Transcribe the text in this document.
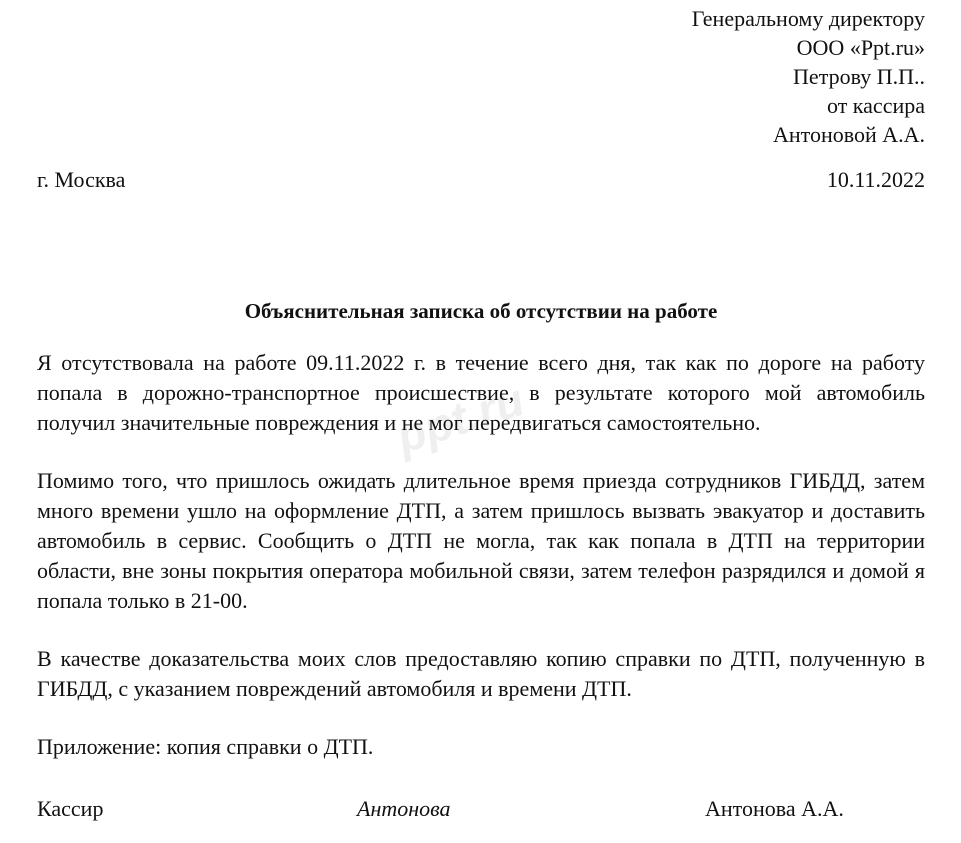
ppt.ru
Генеральному директору
ООО «Ppt.ru»
Петрову П.П..
от кассира
Антоновой А.А.
г. Москва	10.11.2022
Объяснительная записка об отсутствии на работе

Я отсутствовала на работе 09.11.2022 г. в течение всего дня, так как по дороге на работу попала в дорожно-транспортное происшествие, в результате которого мой автомобиль получил значительные повреждения и не мог передвигаться самостоятельно.

Помимо того, что пришлось ожидать длительное время приезда сотрудников ГИБДД, затем много времени ушло на оформление ДТП, а затем пришлось вызвать эвакуатор и доставить автомобиль в сервис. Сообщить о ДТП не могла, так как попала в ДТП на территории области, вне зоны покрытия оператора мобильной связи, затем телефон разрядился и домой я попала только в 21-00.

В качестве доказательства моих слов предоставляю копию справки по ДТП, полученную в ГИБДД, с указанием повреждений автомобиля и времени ДТП.

Приложение: копия справки о ДТП.

Кассир	Антонова	Антонова А.А.
